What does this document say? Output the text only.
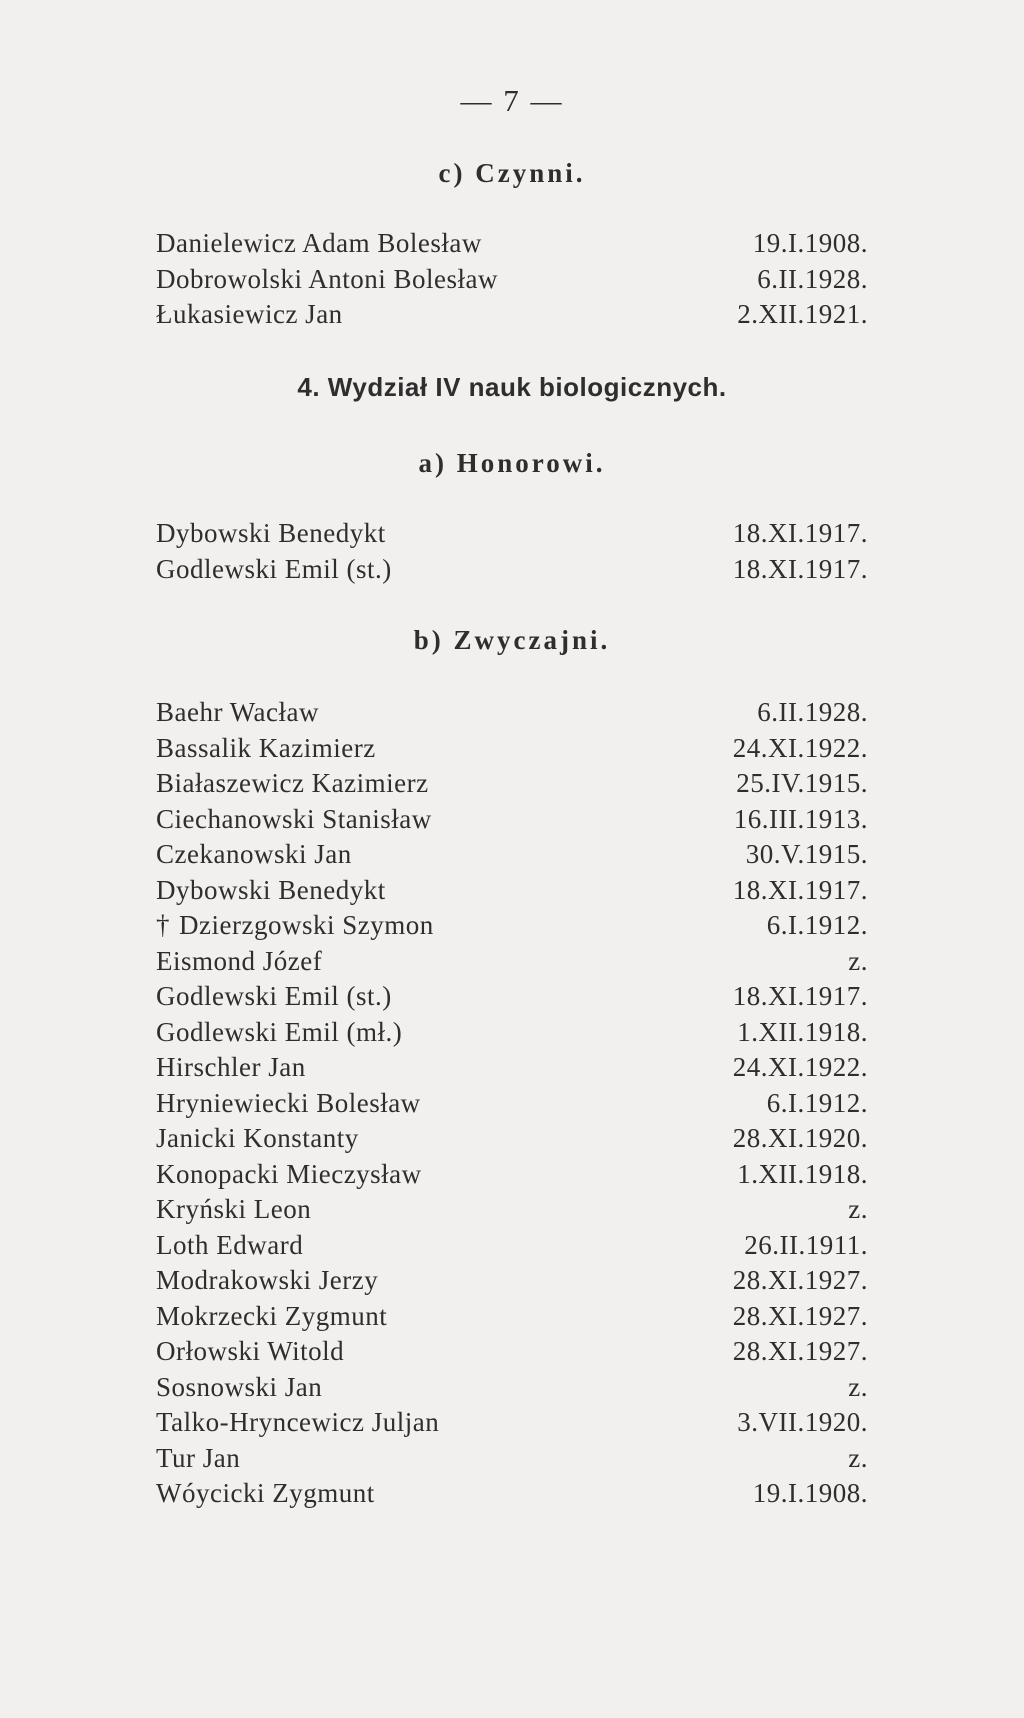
— 7 —
c) Czynni.
Danielewicz Adam Bolesław	19.I.1908.
Dobrowolski Antoni Bolesław	6.II.1928.
Łukasiewicz Jan	2.XII.1921.
4. Wydział IV nauk biologicznych.
a) Honorowi.
Dybowski Benedykt	18.XI.1917.
Godlewski Emil (st.)	18.XI.1917.
b) Zwyczajni.
Baehr Wacław	6.II.1928.
Bassalik Kazimierz	24.XI.1922.
Białaszewicz Kazimierz	25.IV.1915.
Ciechanowski Stanisław	16.III.1913.
Czekanowski Jan	30.V.1915.
Dybowski Benedykt	18.XI.1917.
† Dzierzgowski Szymon	6.I.1912.
Eismond Józef	z.
Godlewski Emil (st.)	18.XI.1917.
Godlewski Emil (mł.)	1.XII.1918.
Hirschler Jan	24.XI.1922.
Hryniewiecki Bolesław	6.I.1912.
Janicki Konstanty	28.XI.1920.
Konopacki Mieczysław	1.XII.1918.
Kryński Leon	z.
Loth Edward	26.II.1911.
Modrakowski Jerzy	28.XI.1927.
Mokrzecki Zygmunt	28.XI.1927.
Orłowski Witold	28.XI.1927.
Sosnowski Jan	z.
Talko-Hryncewicz Juljan	3.VII.1920.
Tur Jan	z.
Wóycicki Zygmunt	19.I.1908.
